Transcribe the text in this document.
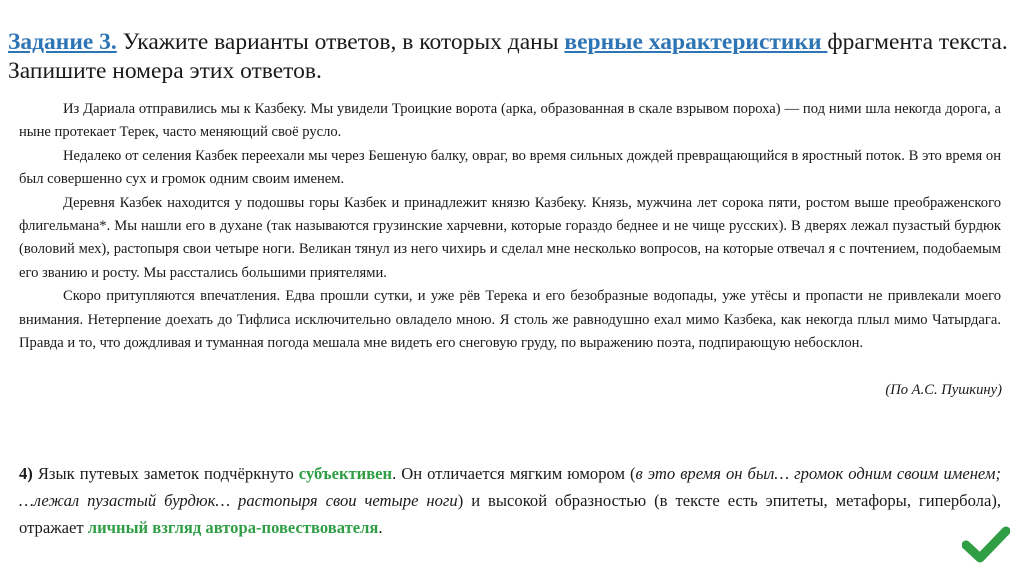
Задание 3. Укажите варианты ответов, в которых даны верные характеристики фрагмента текста. Запишите номера этих ответов.

Из Дариала отправились мы к Казбеку. Мы увидели Троицкие ворота (арка, образованная в скале взрывом пороха) — под ними шла некогда дорога, а ныне протекает Терек, часто меняющий своё русло.

Недалеко от селения Казбек переехали мы через Бешеную балку, овраг, во время сильных дождей превращающийся в яростный поток. В это время он был совершенно сух и громок одним своим именем.

Деревня Казбек находится у подошвы горы Казбек и принадлежит князю Казбеку. Князь, мужчина лет сорока пяти, ростом выше преображенского флигельмана*. Мы нашли его в духане (так называются грузинские харчевни, которые гораздо беднее и не чище русских). В дверях лежал пузастый бурдюк (воловий мех), растопыря свои четыре ноги. Великан тянул из него чихирь и сделал мне несколько вопросов, на которые отвечал я с почтением, подобаемым его званию и росту. Мы расстались большими приятелями.

Скоро притупляются впечатления. Едва прошли сутки, и уже рёв Терека и его безобразные водопады, уже утёсы и пропасти не привлекали моего внимания. Нетерпение доехать до Тифлиса исключительно овладело мною. Я столь же равнодушно ехал мимо Казбека, как некогда плыл мимо Чатырдага. Правда и то, что дождливая и туманная погода мешала мне видеть его снеговую груду, по выражению поэта, подпирающую небосклон.

(По А.С. Пушкину)
4) Язык путевых заметок подчёркнуто субъективен. Он отличается мягким юмором (в это время он был… громок одним своим именем; …лежал пузастый бурдюк… растопыря свои четыре ноги) и высокой образностью (в тексте есть эпитеты, метафоры, гипербола), отражает личный взгляд автора-повествователя.
